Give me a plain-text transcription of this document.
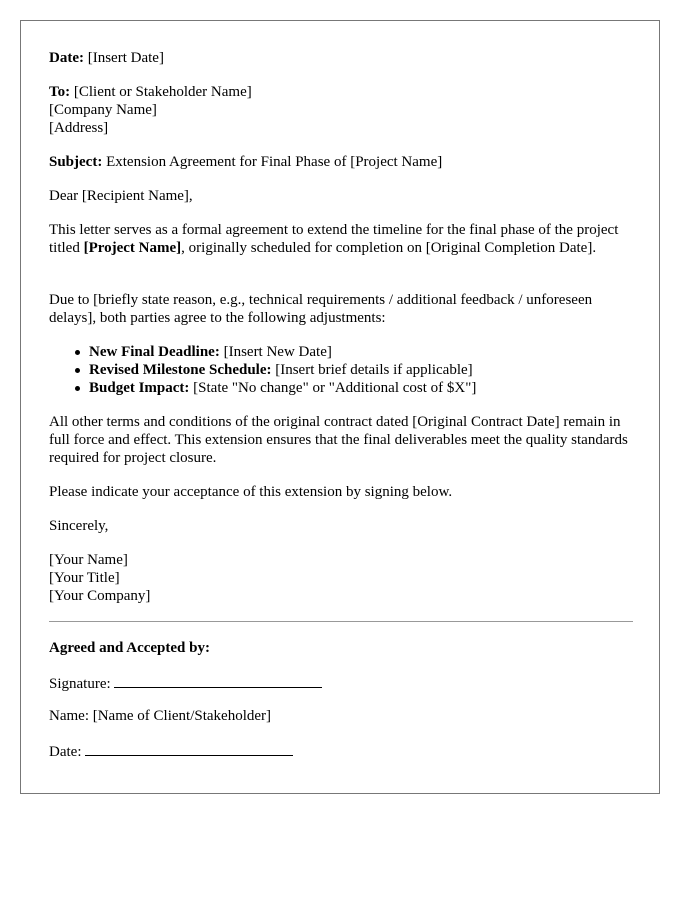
Date: [Insert Date]

To: [Client or Stakeholder Name]

[Company Name]

[Address]

Subject: Extension Agreement for Final Phase of [Project Name]

Dear [Recipient Name],

This letter serves as a formal agreement to extend the timeline for the final phase of the project titled [Project Name], originally scheduled for completion on [Original Completion Date].

Due to [briefly state reason, e.g., technical requirements / additional feedback / unforeseen delays], both parties agree to the following adjustments:

New Final Deadline: [Insert New Date]
Revised Milestone Schedule: [Insert brief details if applicable]
Budget Impact: [State "No change" or "Additional cost of $X"]

All other terms and conditions of the original contract dated [Original Contract Date] remain in full force and effect. This extension ensures that the final deliverables meet the quality standards required for project closure.

Please indicate your acceptance of this extension by signing below.

Sincerely,

[Your Name]

[Your Title]

[Your Company]

Agreed and Accepted by:

Signature:

Name: [Name of Client/Stakeholder]

Date:
